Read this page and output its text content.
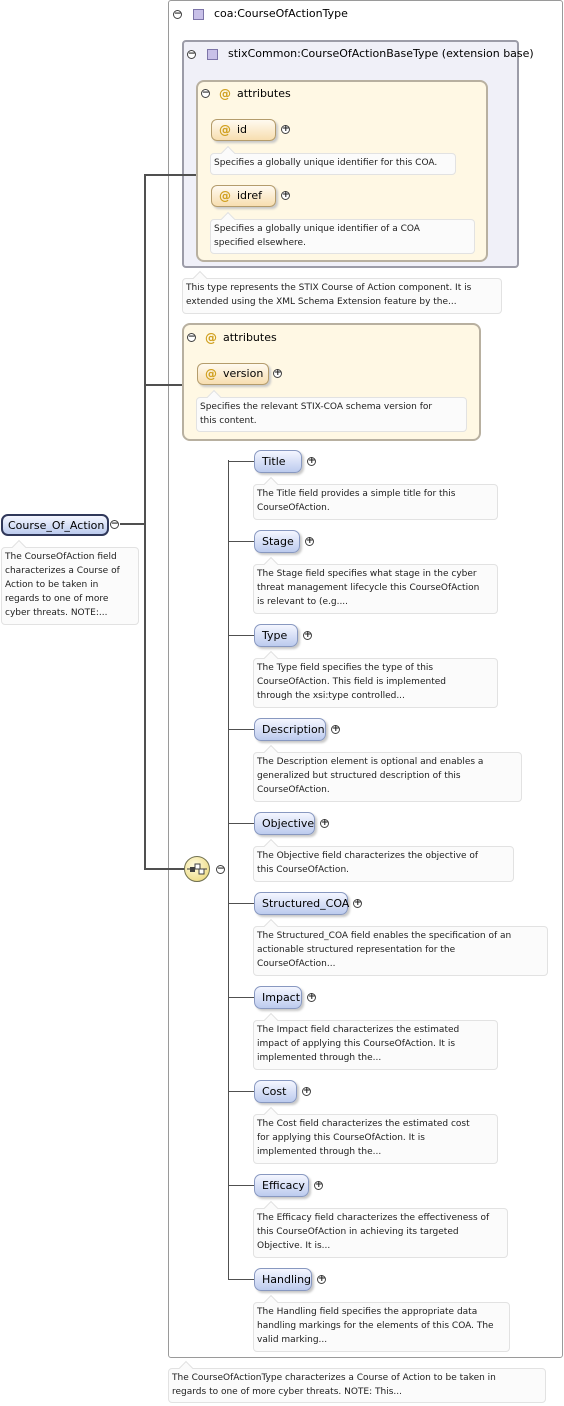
−	coa:CourseOfActionType
−	stixCommon:CourseOfActionBaseType (extension base)
− @ attributes
@ id	+
Specifies a globally unique identifier for this COA.
@ idref +
Specifies a globally unique identifier of a COA
specified elsewhere.
This type represents the STIX Course of Action component. It is
extended using the XML Schema Extension feature by the...
− @ attributes
@ version +
Specifies the relevant STIX-COA schema version for
this content.
Course_Of_Action −
The CourseOfAction field
characterizes a Course of
Action to be taken in
regards to one of more
cyber threats. NOTE:...
−
Title +
The Title field provides a simple title for this
CourseOfAction.
Stage +
The Stage field specifies what stage in the cyber
threat management lifecycle this CourseOfAction
is relevant to (e.g....
Type +
The Type field specifies the type of this
CourseOfAction. This field is implemented
through the xsi:type controlled...
Description +
The Description element is optional and enables a
generalized but structured description of this
CourseOfAction.
Objective +
The Objective field characterizes the objective of
this CourseOfAction.
Structured_COA +
The Structured_COA field enables the specification of an
actionable structured representation for the
CourseOfAction...
Impact +
The Impact field characterizes the estimated
impact of applying this CourseOfAction. It is
implemented through the...
Cost +
The Cost field characterizes the estimated cost
for applying this CourseOfAction. It is
implemented through the...
Efficacy +
The Efficacy field characterizes the effectiveness of
this CourseOfAction in achieving its targeted
Objective. It is...
Handling +
The Handling field specifies the appropriate data
handling markings for the elements of this COA. The
valid marking...
The CourseOfActionType characterizes a Course of Action to be taken in
regards to one of more cyber threats. NOTE: This...
